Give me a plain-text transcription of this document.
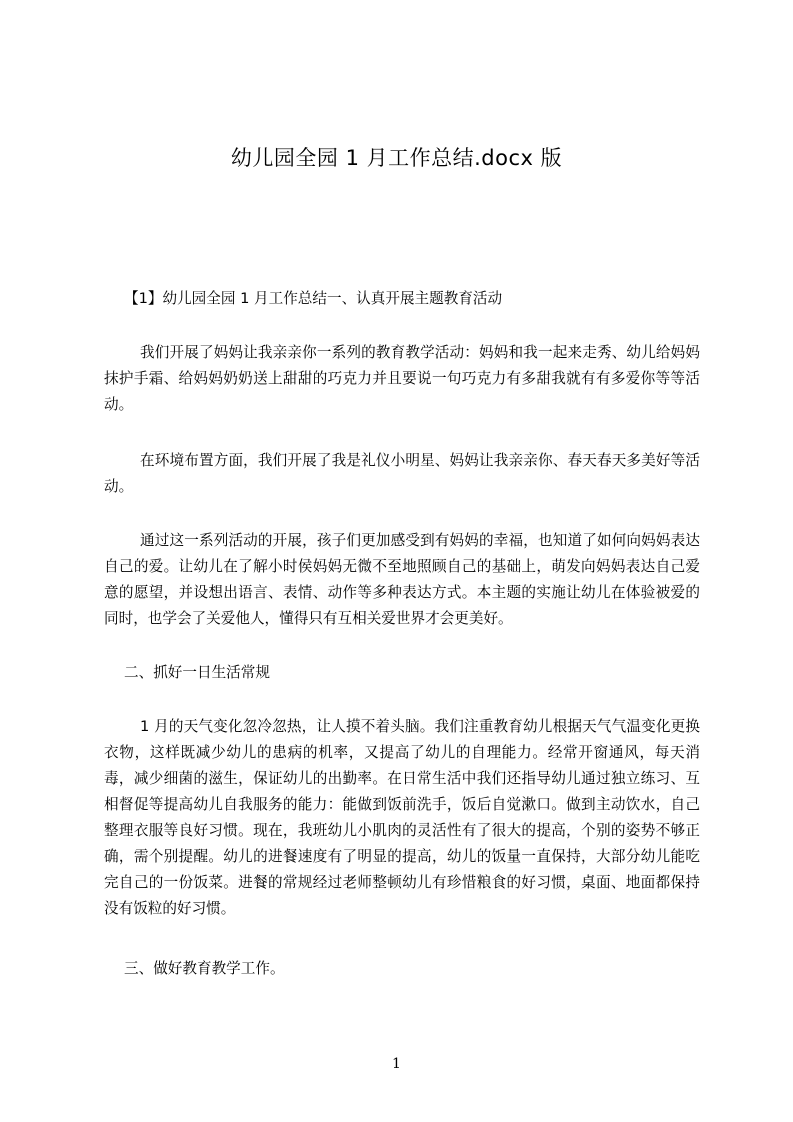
幼儿园全园 1 月工作总结.docx 版
【1】幼儿园全园 1 月工作总结一、认真开展主题教育活动
我们开展了妈妈让我亲亲你一系列的教育教学活动：妈妈和我一起来走秀、幼儿给妈妈抹护手霜、给妈妈奶奶送上甜甜的巧克力并且要说一句巧克力有多甜我就有有多爱你等等活动。
在环境布置方面，我们开展了我是礼仪小明星、妈妈让我亲亲你、春天春天多美好等活动。
通过这一系列活动的开展，孩子们更加感受到有妈妈的幸福，也知道了如何向妈妈表达自己的爱。让幼儿在了解小时侯妈妈无微不至地照顾自己的基础上，萌发向妈妈表达自己爱意的愿望，并设想出语言、表情、动作等多种表达方式。本主题的实施让幼儿在体验被爱的同时，也学会了关爱他人，懂得只有互相关爱世界才会更美好。
二、抓好一日生活常规
1 月的天气变化忽冷忽热，让人摸不着头脑。我们注重教育幼儿根据天气气温变化更换衣物，这样既减少幼儿的患病的机率，又提高了幼儿的自理能力。经常开窗通风，每天消毒，减少细菌的滋生，保证幼儿的出勤率。在日常生活中我们还指导幼儿通过独立练习、互相督促等提高幼儿自我服务的能力：能做到饭前洗手，饭后自觉漱口。做到主动饮水，自己整理衣服等良好习惯。现在，我班幼儿小肌肉的灵活性有了很大的提高，个别的姿势不够正确，需个别提醒。幼儿的进餐速度有了明显的提高，幼儿的饭量一直保持，大部分幼儿能吃完自己的一份饭菜。进餐的常规经过老师整顿幼儿有珍惜粮食的好习惯，桌面、地面都保持没有饭粒的好习惯。
三、做好教育教学工作。
1
